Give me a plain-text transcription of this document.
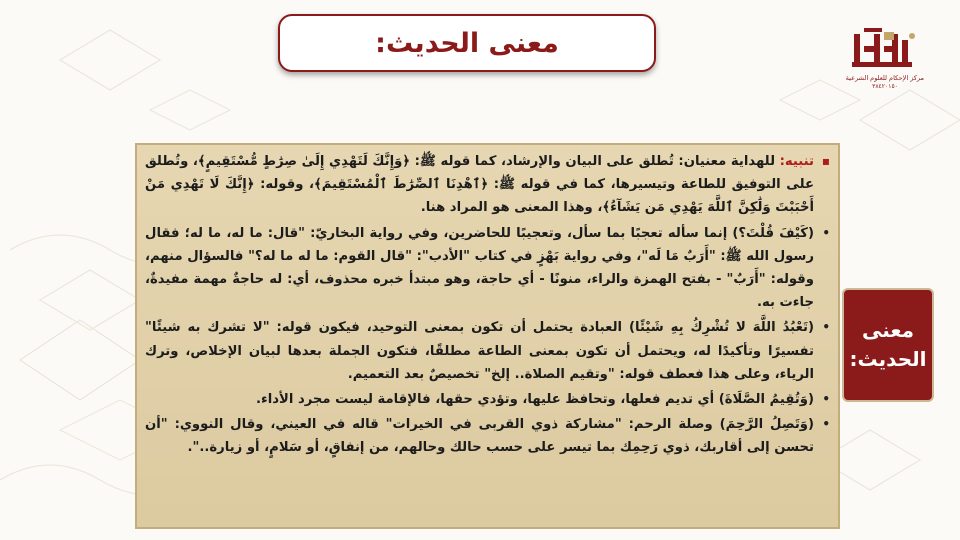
معنى الحديث:
مركز الإحكام للعلوم الشرعية
٣٨٤٢٠١٥٠
معنى الحديث:
▪
تنبيه: للهداية معنيان: تُطلق على البيان والإرشاد، كما قوله ﷺ: ﴿وَإِنَّكَ لَتَهْدِي إِلَىٰ صِرَٰطٍ مُّسْتَقِيمٍ﴾، وتُطلق على التوفيق للطاعة وتيسيرها، كما في قوله ﷺ: ﴿ٱهْدِنَا ٱلصِّرَٰطَ ٱلْمُسْتَقِيمَ﴾، وقوله: ﴿إِنَّكَ لَا تَهْدِي مَنْ أَحْبَبْتَ وَلَٰكِنَّ ٱللَّهَ يَهْدِي مَن يَشَآءُ﴾، وهذا المعنى هو المراد هنا.
•
(كَيْفَ قُلْتَ؟) إنما سأله تعجبًا بما سأل، وتعجيبًا للحاضرين، وفي رواية البخاريّ: "قال: ما له، ما له؛ فقال رسول الله ﷺ: "أَرَبٌ مَا لَه"، وفي رواية بَهْزٍ في كتاب "الأدب": "قال القوم: ما له ما له؟" فالسؤال منهم، وقوله: "أَرَبٌ" - بفتح الهمزة والراء، منونًا - أي حاجة، وهو مبتدأ خبره محذوف، أي: له حاجةٌ مهمة مفيدةٌ، جاءت به.
•
(تَعْبُدُ اللَّهَ لا تُشْرِكُ بِهِ شَيْئًا) العبادة يحتمل أن تكون بمعنى التوحيد، فيكون قوله: "لا تشرك به شيئًا" تفسيرًا وتأكيدًا له، ويحتمل أن تكون بمعنى الطاعة مطلقًا، فتكون الجملة بعدها لبيان الإخلاص، وترك الرياء، وعلى هذا فعطف قوله: "وتقيم الصلاة.. إلخ" تخصيصٌ بعد التعميم.
•
(وَتُقِيمُ الصَّلَاةَ) أي تديم فعلها، وتحافظ عليها، وتؤدي حقها، فالإقامة ليست مجرد الأداء.
•
(وَتَصِلُ الرَّحِمَ) وصلة الرحم: "مشاركة ذوي القربى في الخيرات" قاله في العيني، وقال النووي: "أن تحسن إلى أقاربك، ذوي رَحِمِك بما تيسر على حسب حالك وحالهم، من إنفاقٍ، أو سَلامٍ، أو زيارة..".
